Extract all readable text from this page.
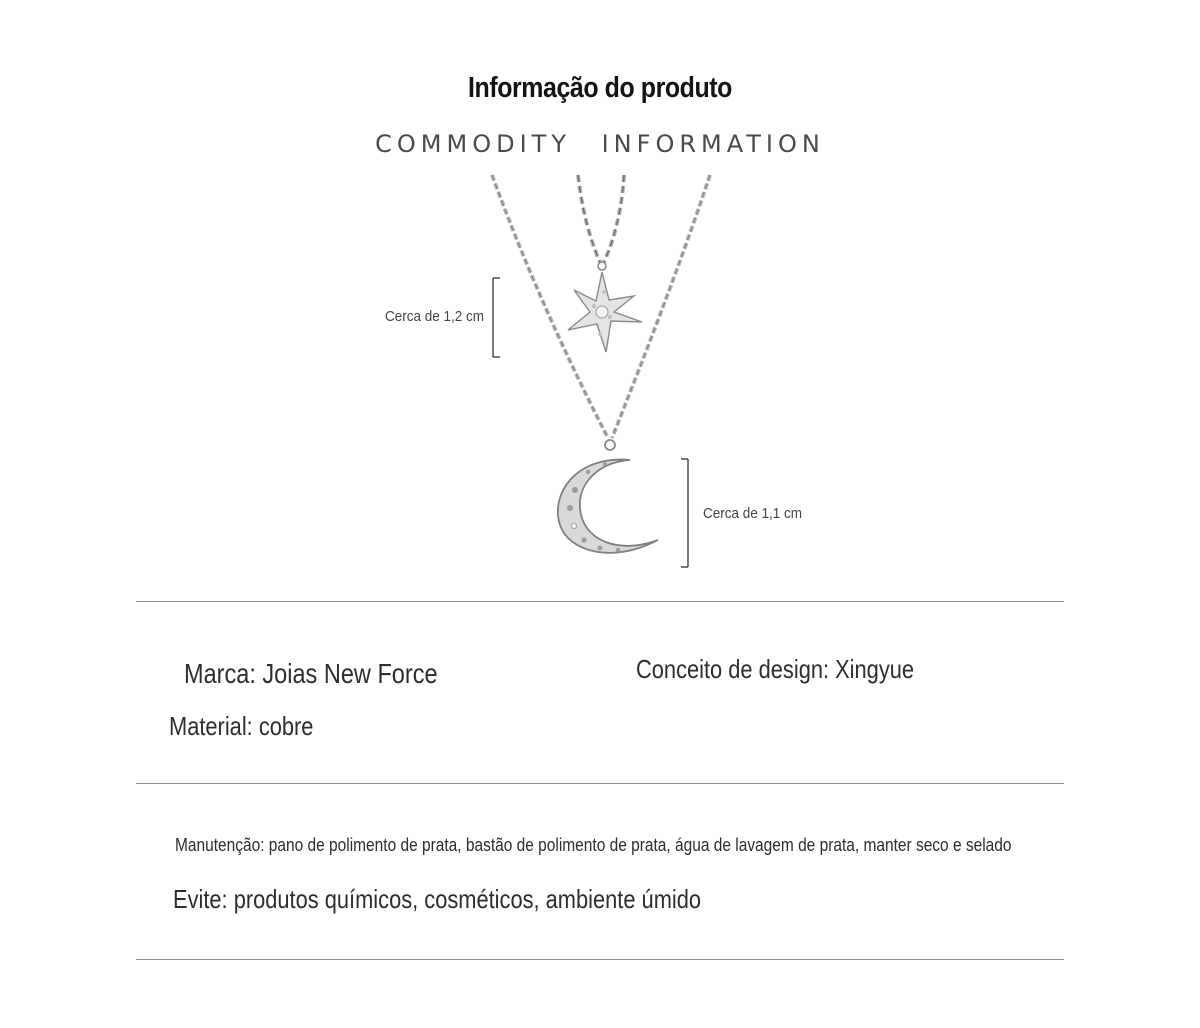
Informação do produto
COMMODITY INFORMATION
Cerca de 1,2 cm
Cerca de 1,1 cm
Marca: Joias New Force	Conceito de design: Xingyue
Material: cobre
Manutenção: pano de polimento de prata, bastão de polimento de prata, água de lavagem de prata, manter seco e selado
Evite: produtos químicos, cosméticos, ambiente úmido
